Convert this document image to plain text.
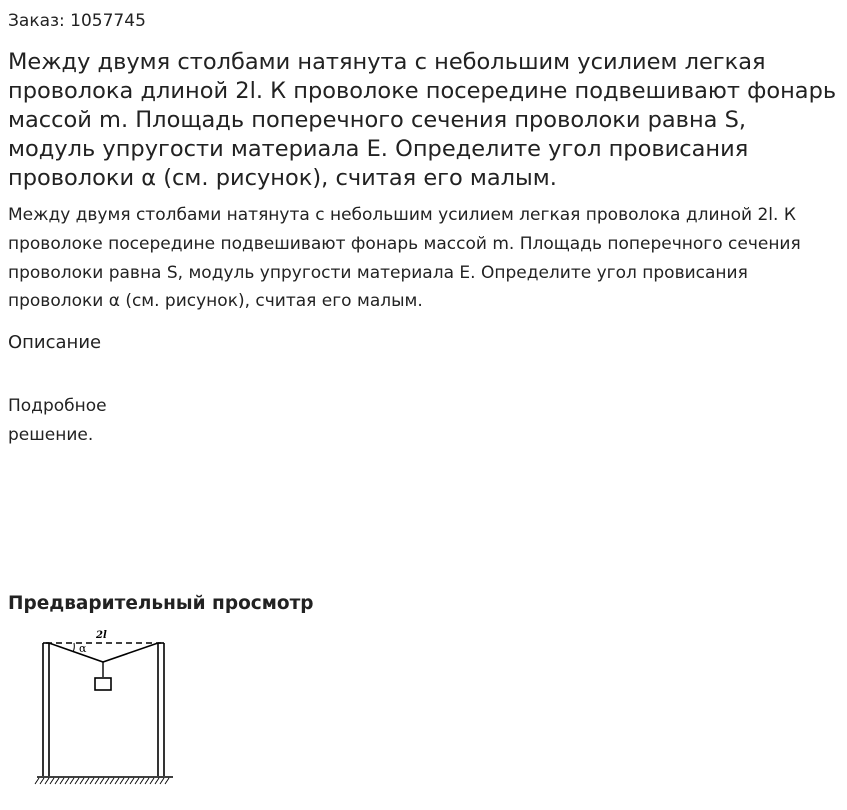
Заказ: 1057745
Между двумя столбами натянута с небольшим усилием легкая проволока длиной 2l. К проволоке посередине подвешивают фонарь массой m. Площадь поперечного сечения проволоки равна S, модуль упругости материала E. Определите угол провисания проволоки α (см. рисунок), считая его малым.
Между двумя столбами натянута с небольшим усилием легкая проволока длиной 2l. К проволоке посередине подвешивают фонарь массой m. Площадь поперечного сечения проволоки равна S, модуль упругости материала E. Определите угол провисания проволоки α (см. рисунок), считая его малым.
Описание
Подробное решение.
Предварительный просмотр
2l
α
